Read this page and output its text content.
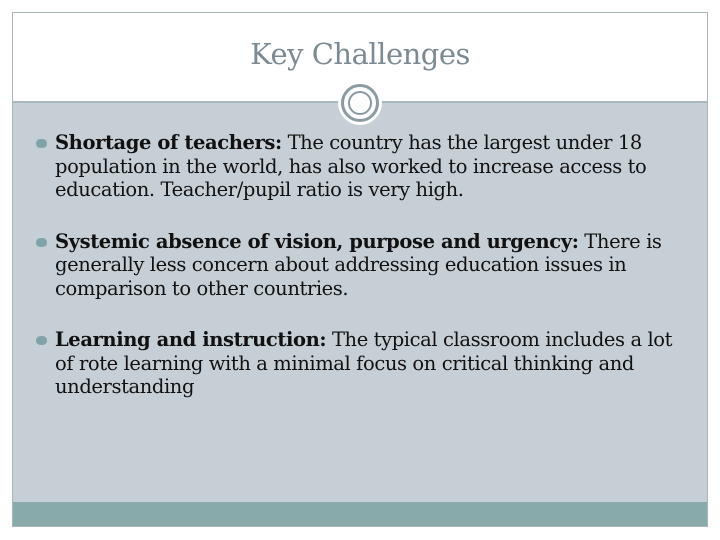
Key Challenges
Shortage of teachers: The country has the largest under 18 population in the world, has also worked to increase access to education. Teacher/pupil ratio is very high.
Systemic absence of vision, purpose and urgency: There is generally less concern about addressing education issues in comparison to other countries.
Learning and instruction: The typical classroom includes a lot of rote learning with a minimal focus on critical thinking and understanding
